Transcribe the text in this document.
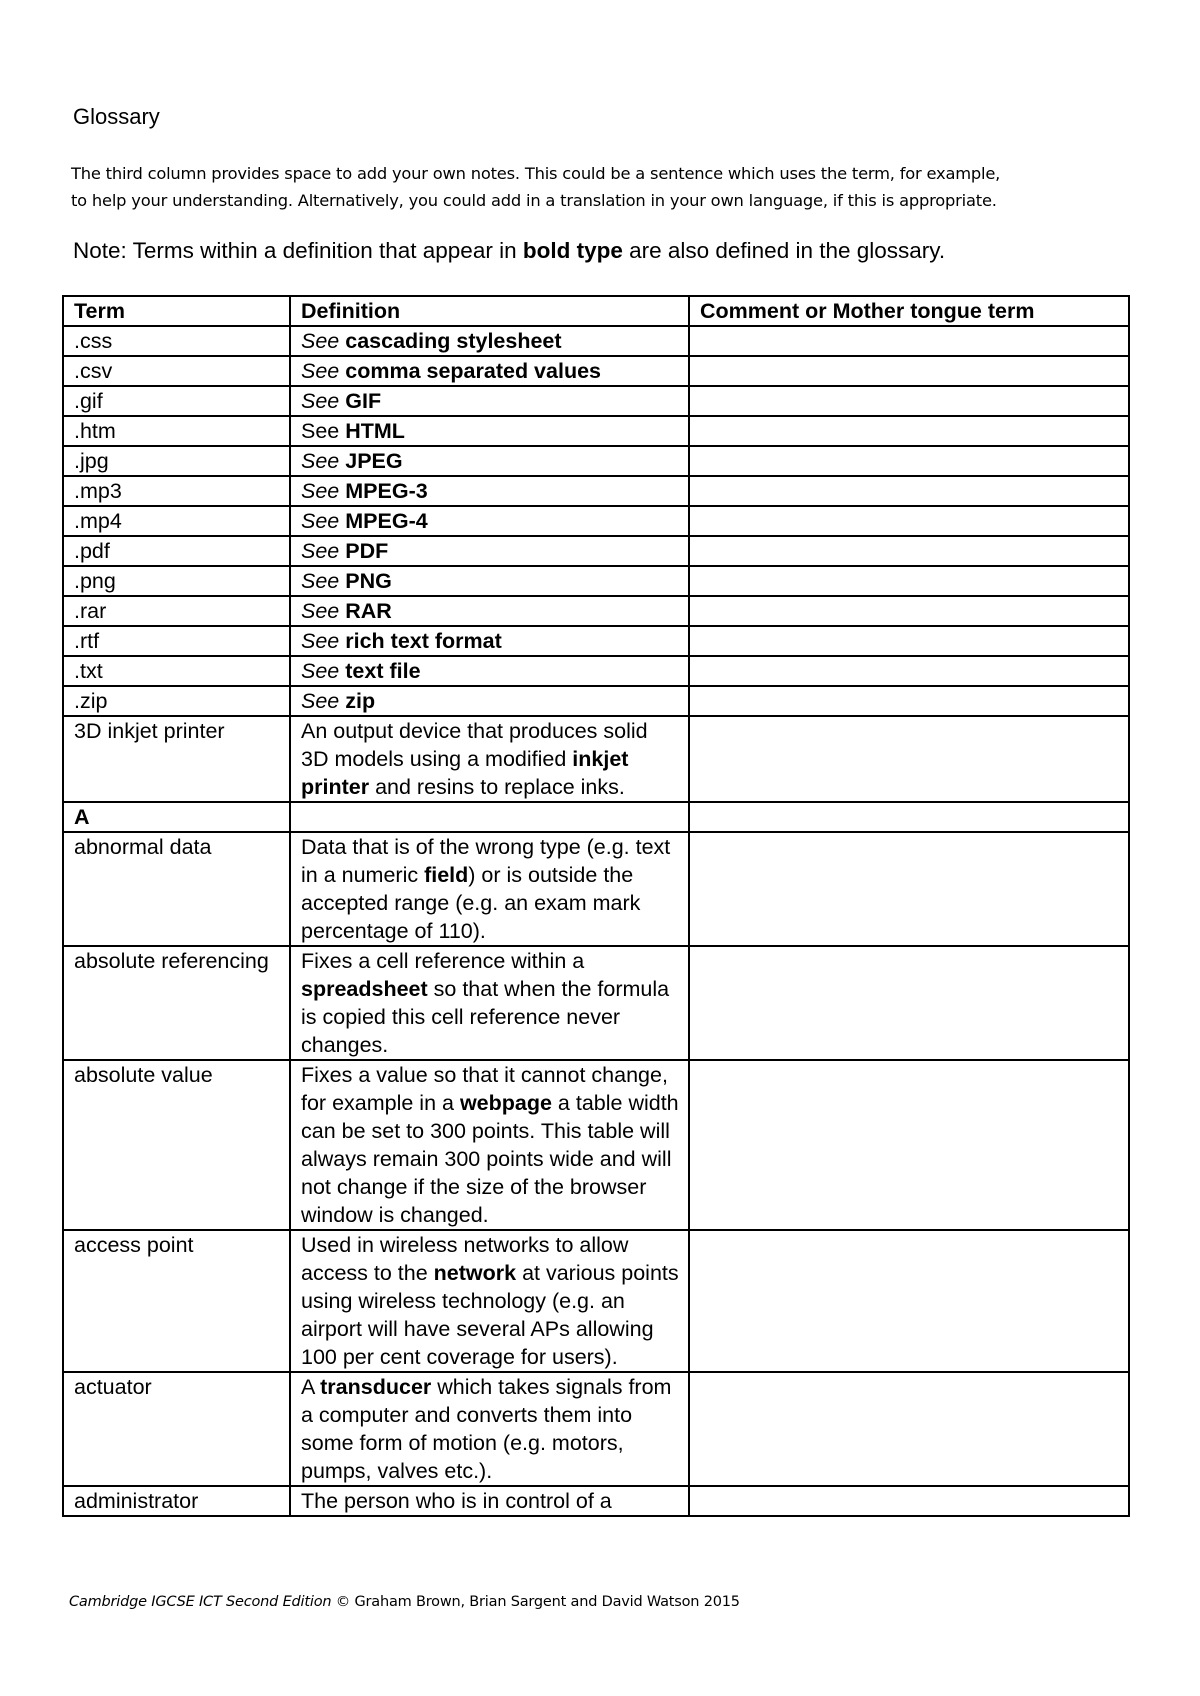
Glossary

The third column provides space to add your own notes. This could be a sentence which uses the term, for example,

to help your understanding. Alternatively, you could add in a translation in your own language, if this is appropriate.

Note: Terms within a definition that appear in bold type are also defined in the glossary.
Term	Definition	Comment or Mother tongue term
.css	See cascading stylesheet	
.csv	See comma separated values	
.gif	See GIF	
.htm	See HTML	
.jpg	See JPEG	
.mp3	See MPEG-3	
.mp4	See MPEG-4	
.pdf	See PDF	
.png	See PNG	
.rar	See RAR	
.rtf	See rich text format	
.txt	See text file	
.zip	See zip	
3D inkjet printer	An output device that produces solid 3D models using a modified inkjet printer and resins to replace inks.	
A		
abnormal data	Data that is of the wrong type (e.g. text in a numeric field) or is outside the accepted range (e.g. an exam mark percentage of 110).	
absolute referencing	Fixes a cell reference within a spreadsheet so that when the formula is copied this cell reference never changes.	
absolute value	Fixes a value so that it cannot change, for example in a webpage a table width can be set to 300 points. This table will always remain 300 points wide and will not change if the size of the browser window is changed.	
access point	Used in wireless networks to allow access to the network at various points using wireless technology (e.g. an airport will have several APs allowing 100 per cent coverage for users).	
actuator	A transducer which takes signals from a computer and converts them into some form of motion (e.g. motors, pumps, valves etc.).	
administrator	The person who is in control of a	
Cambridge IGCSE ICT Second Edition © Graham Brown, Brian Sargent and David Watson 2015
